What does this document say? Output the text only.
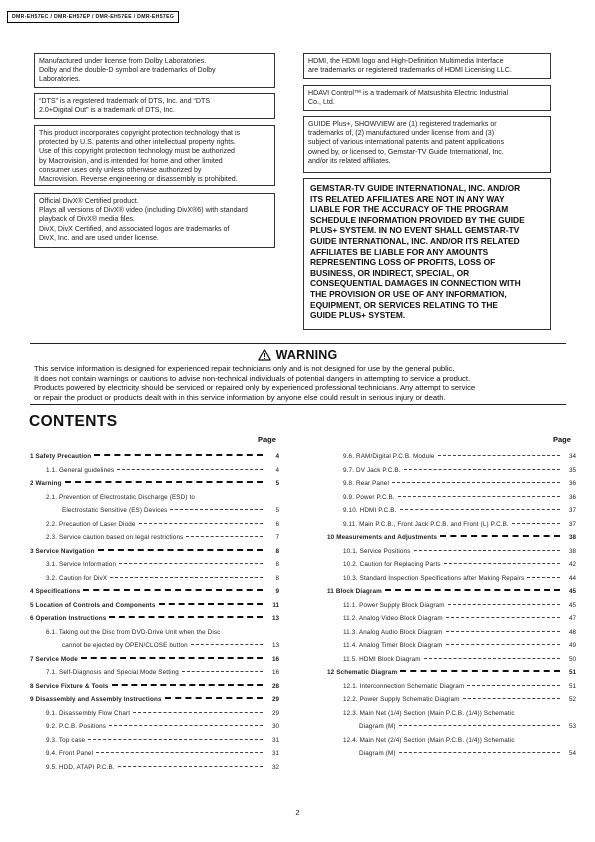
DMR-EH57EC / DMR-EH57EP / DMR-EH57EE / DMR-EH57EG

Manufactured under license from Dolby Laboratories.

Dolby and the double-D symbol are trademarks of Dolby

Laboratories.

“DTS” is a registered trademark of DTS, Inc. and “DTS

2.0+Digital Out” is a trademark of DTS, Inc.

This product incorporates copyright protection technology that is

protected by U.S. patents and other intellectual property rights.

Use of this copyright protection technology must be authorized

by Macrovision, and is intended for home and other limited

consumer uses only unless otherwise authorized by

Macrovision. Reverse engineering or disassembly is prohibited.

Official DivX® Certified product.

Plays all versions of DivX® video (including DivX®6) with standard

playback of DivX® media files.

DivX, DivX Certified, and associated logos are trademarks of

DivX, Inc. and are used under license.

HDMI, the HDMI logo and High-Definition Multimedia Interface

are trademarks or registered trademarks of HDMI Licensing LLC.

HDAVI Control™ is a trademark of Matsushita Electric Industrial

Co., Ltd.

GUIDE Plus+, SHOWVIEW are (1) registered trademarks or

trademarks of, (2) manufactured under license from and (3)

subject of various international patents and patent applications

owned by, or licensed to, Gemstar-TV Guide International, Inc.

and/or its related affiliates.

GEMSTAR-TV GUIDE INTERNATIONAL, INC. AND/OR
ITS RELATED AFFILIATES ARE NOT IN ANY WAY
LIABLE FOR THE ACCURACY OF THE PROGRAM
SCHEDULE INFORMATION PROVIDED BY THE GUIDE
PLUS+ SYSTEM. IN NO EVENT SHALL GEMSTAR-TV
GUIDE INTERNATIONAL, INC. AND/OR ITS RELATED
AFFILIATES BE LIABLE FOR ANY AMOUNTS
REPRESENTING LOSS OF PROFITS, LOSS OF
BUSINESS, OR INDIRECT, SPECIAL, OR
CONSEQUENTIAL DAMAGES IN CONNECTION WITH
THE PROVISION OR USE OF ANY INFORMATION,
EQUIPMENT, OR SERVICES RELATING TO THE
GUIDE PLUS+ SYSTEM.
WARNING

This service information is designed for experienced repair technicians only and is not designed for use by the general public.

It does not contain warnings or cautions to advise non-technical individuals of potential dangers in attempting to service a product.

Products powered by electricity should be serviced or repaired only by experienced professional technicians. Any attempt to service

or repair the product or products dealt with in this service information by anyone else could result in serious injury or death.

CONTENTS
Page	Page
1 Safety Precaution	4
1.1. General guidelines	4
2 Warning	5
2.1. Prevention of Electrostatic Discharge (ESD) to
Electrostatic Sensitive (ES) Devices	5
2.2. Precaution of Laser Diode	6
2.3. Service caution based on legal restrictions	7
3 Service Navigation	8
3.1. Service Information	8
3.2. Caution for DivX	8
4 Specifications	9
5 Location of Controls and Components	11
6 Operation Instructions	13
6.1. Taking out the Disc from DVD-Drive Unit when the Disc
cannot be ejected by OPEN/CLOSE button	13
7 Service Mode	16
7.1. Self-Diagnosis and Special Mode Setting	16
8 Service Fixture & Tools	28
9 Disassembly and Assembly Instructions	29
9.1. Disassembly Flow Chart	29
9.2. P.C.B. Positions	30
9.3. Top case	31
9.4. Front Panel	31
9.5. HDD, ATAPI P.C.B.	32
9.6. RAM/Digital P.C.B. Module	34
9.7. DV Jack P.C.B.	35
9.8. Rear Panel	36
9.9. Power P.C.B.	36
9.10. HDMI P.C.B.	37
9.11. Main P.C.B., Front Jack P.C.B. and Front (L) P.C.B.	37
10 Measurements and Adjustments	38
10.1. Service Positions	38
10.2. Caution for Replacing Parts	42
10.3. Standard Inspection Specifications after Making Repairs	44
11 Block Diagram	45
11.1. Power Supply Block Diagram	45
11.2. Analog Video Block Diagram	47
11.3. Analog Audio Block Diagram	48
11.4. Analog Timer Block Diagram	49
11.5. HDMI Block Diagram	50
12 Schematic Diagram	51
12.1. Interconnection Schematic Diagram	51
12.2. Power Supply Schematic Diagram	52
12.3. Main Net (1/4) Section (Main P.C.B. (1/4)) Schematic
Diagram (M)	53
12.4. Main Net (2/4) Section (Main P.C.B. (1/4)) Schematic
Diagram (M)	54
2
